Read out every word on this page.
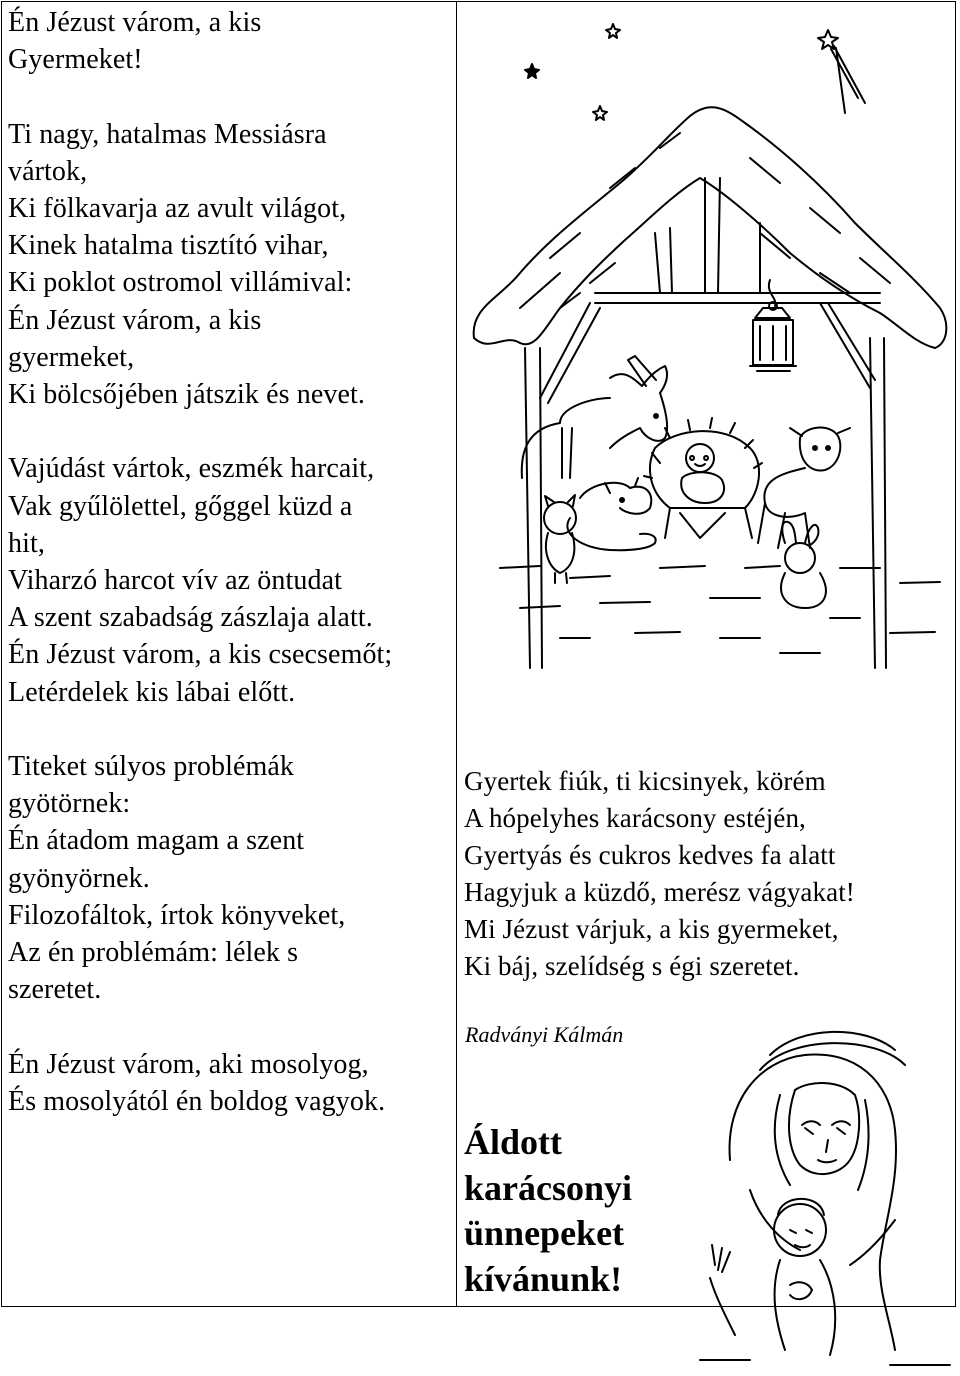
Én Jézust várom, a kis
Gyermeket!
Ti nagy, hatalmas Messiásra
vártok,
Ki fölkavarja az avult világot,
Kinek hatalma tisztító vihar,
Ki poklot ostromol villámival:
Én Jézust várom, a kis
gyermeket,
Ki bölcsőjében játszik és nevet.
Vajúdást vártok, eszmék harcait,
Vak gyűlölettel, gőggel küzd a
hit,
Viharzó harcot vív az öntudat
A szent szabadság zászlaja alatt.
Én Jézust várom, a kis csecsemőt;
Letérdelek kis lábai előtt.
Titeket súlyos problémák
gyötörnek:
Én átadom magam a szent
gyönyörnek.
Filozofáltok, írtok könyveket,
Az én problémám: lélek s
szeretet.
Én Jézust várom, aki mosolyog,
És mosolyától én boldog vagyok.
Gyertek fiúk, ti kicsinyek, körém
A hópelyhes karácsony estéjén,
Gyertyás és cukros kedves fa alatt
Hagyjuk a küzdő, merész vágyakat!
Mi Jézust várjuk, a kis gyermeket,
Ki báj, szelídség s égi szeretet.
Radványi Kálmán
Áldott
karácsonyi
ünnepeket
kívánunk!
